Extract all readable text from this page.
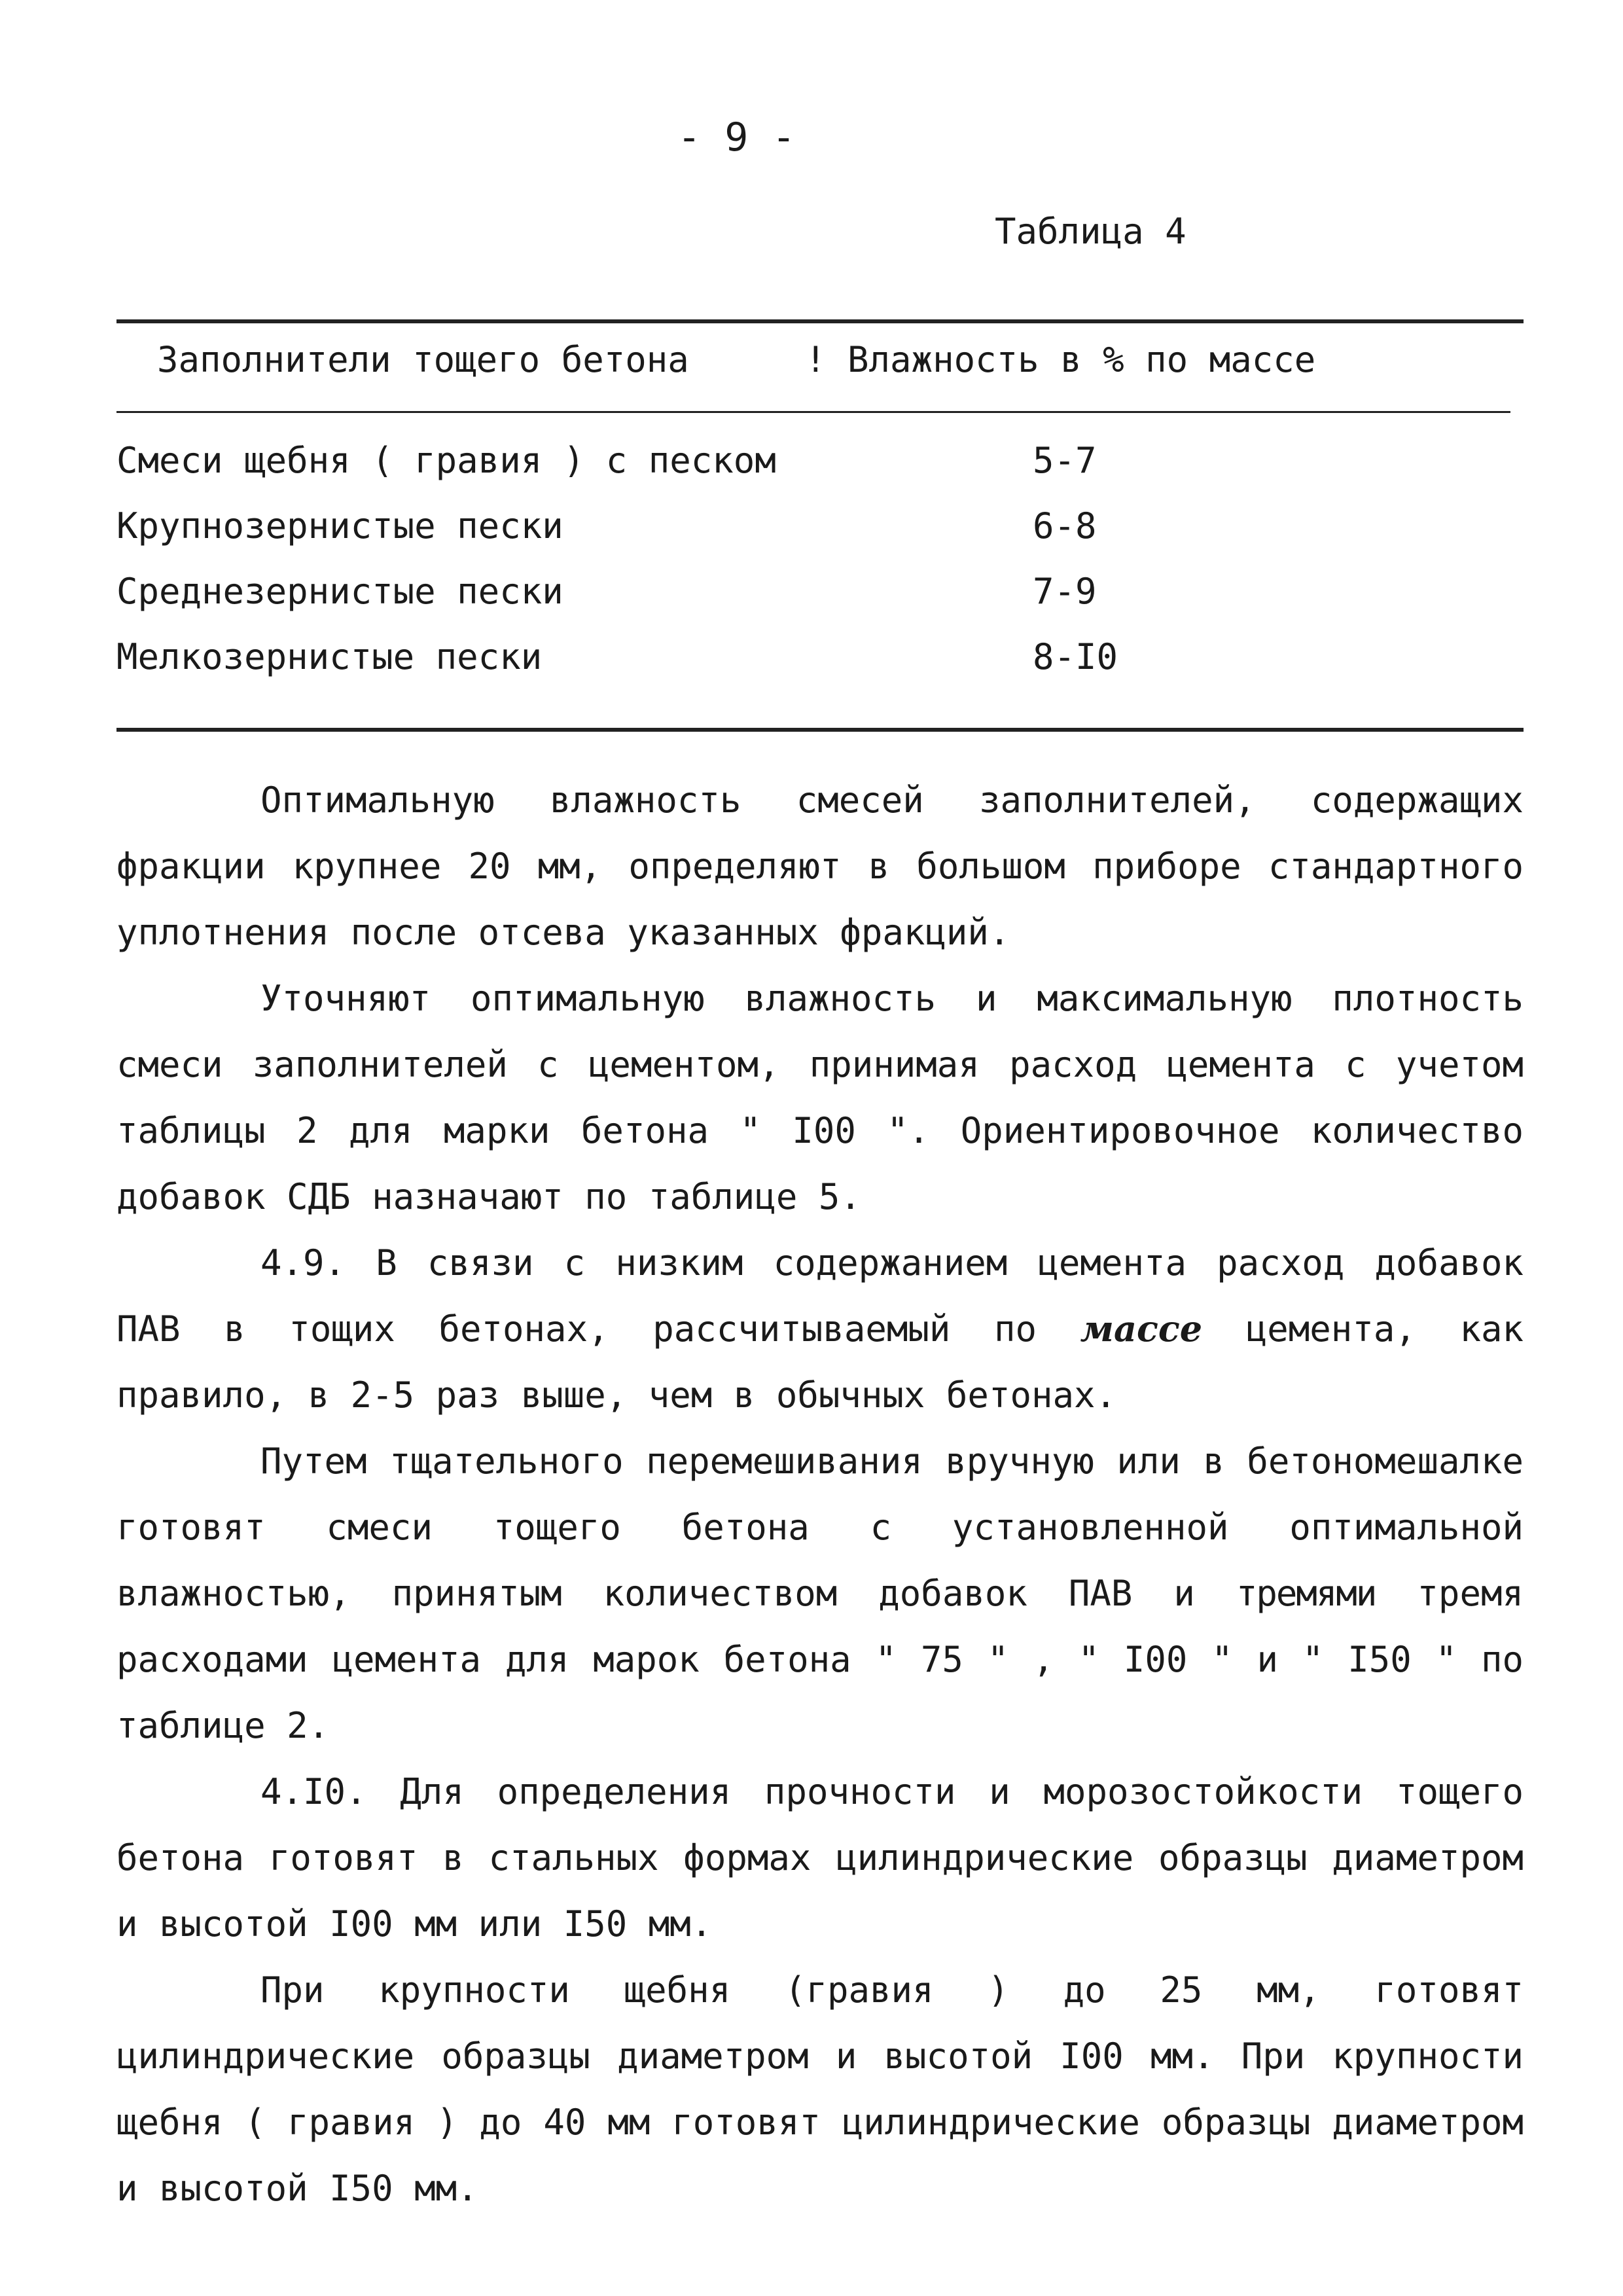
- 9 -
Таблица 4
Заполнители тощего бетона	! Влажность в % по массе
Смеси щебня ( гравия ) с песком	5-7
Крупнозернистые пески	6-8
Среднезернистые пески	7-9
Мелкозернистые пески	8-I0

Оптимальную влажность смесей заполнителей, содержащих фракции крупнее 20 мм, определяют в большом приборе стандартного уплотнения после отсева указанных фракций.

Уточняют оптимальную влажность и максимальную плотность смеси заполнителей с цементом, принимая расход цемента с учетом таблицы 2 для марки бетона " I00 ". Ориентировочное количество добавок СДБ назначают по таблице 5.

4.9. В связи с низким содержанием цемента расход добавок ПАВ в тощих бетонах, рассчитываемый по массе цемента, как правило, в 2-5 раз выше, чем в обычных бетонах.

Путем тщательного перемешивания вручную или в бетономешалке готовят смеси тощего бетона с установленной оптимальной влажностью, принятым количеством добавок ПАВ и тремями тремя расходами цемента для марок бетона " 75 " , " I00 " и " I50 " по таблице 2.

4.I0. Для определения прочности и морозостойкости тощего бетона готовят в стальных формах цилиндрические образцы диаметром и высотой I00 мм или I50 мм.

При крупности щебня (гравия ) до 25 мм, готовят цилиндрические образцы диаметром и высотой I00 мм. При крупности щебня ( гравия ) до 40 мм готовят цилиндрические образцы диаметром и высотой I50 мм.
